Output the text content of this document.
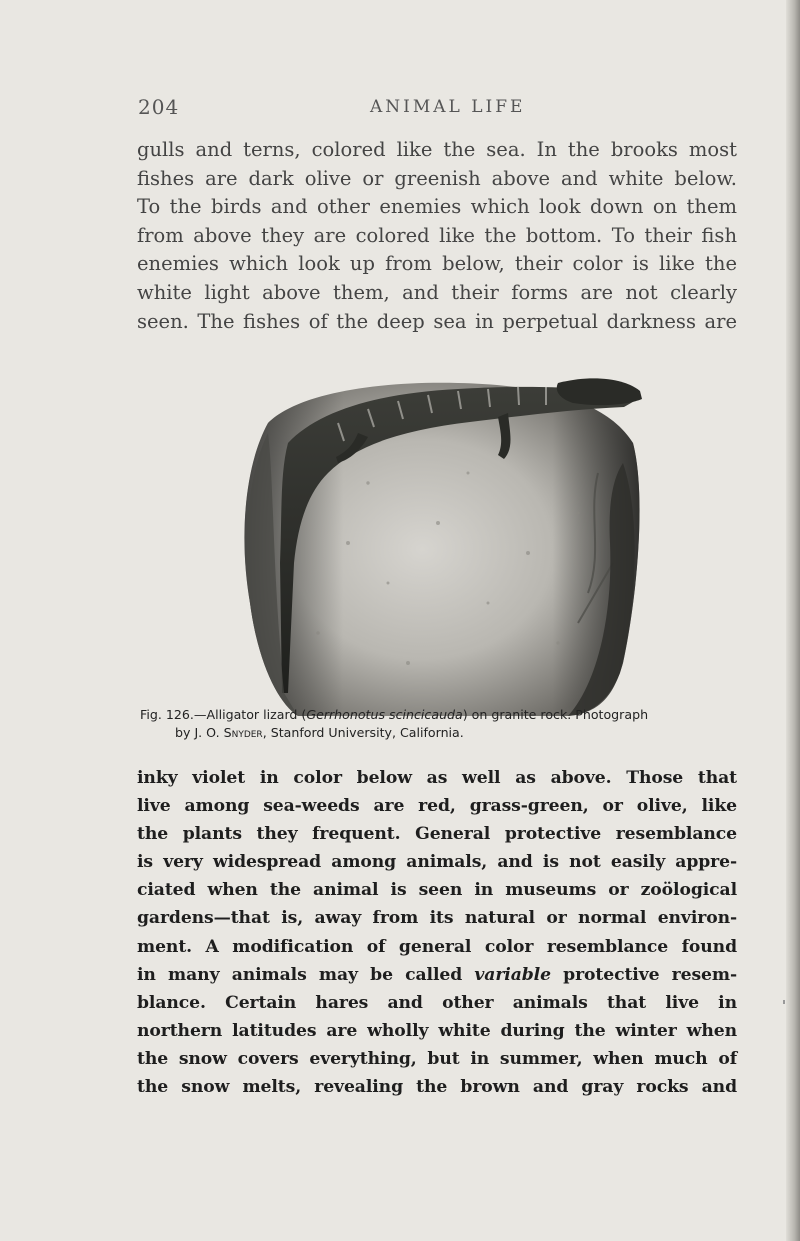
204	ANIMAL LIFE
gulls and terns, colored like the sea. In the brooks most
fishes are dark olive or greenish above and white below.
To the birds and other enemies which look down on them
from above they are colored like the bottom. To their fish
enemies which look up from below, their color is like the
white light above them, and their forms are not clearly
seen. The fishes of the deep sea in perpetual darkness are
Fig. 126.—Alligator lizard (Gerrhonotus scincicauda) on granite rock. Photograph
by J. O. Snyder, Stanford University, California.
inky violet in color below as well as above. Those that
live among sea-weeds are red, grass-green, or olive, like
the plants they frequent. General protective resemblance
is very widespread among animals, and is not easily appre-
ciated when the animal is seen in museums or zoölogical
gardens—that is, away from its natural or normal environ-
ment. A modification of general color resemblance found
in many animals may be called variable protective resem-
blance. Certain hares and other animals that live in
northern latitudes are wholly white during the winter when
the snow covers everything, but in summer, when much of
the snow melts, revealing the brown and gray rocks and
